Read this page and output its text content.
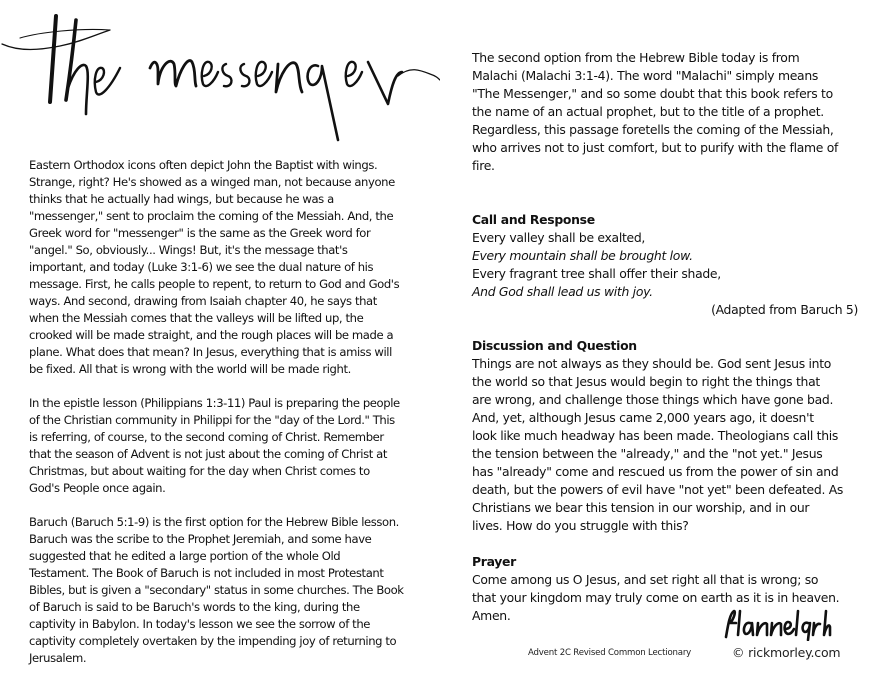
Eastern Orthodox icons often depict John the Baptist with wings.

Strange, right? He's showed as a winged man, not because anyone

thinks that he actually had wings, but because he was a

"messenger," sent to proclaim the coming of the Messiah. And, the

Greek word for "messenger" is the same as the Greek word for

"angel." So, obviously... Wings! But, it's the message that's

important, and today (Luke 3:1-6) we see the dual nature of his

message. First, he calls people to repent, to return to God and God's

ways. And second, drawing from Isaiah chapter 40, he says that

when the Messiah comes that the valleys will be lifted up, the

crooked will be made straight, and the rough places will be made a

plane. What does that mean? In Jesus, everything that is amiss will

be fixed. All that is wrong with the world will be made right.

In the epistle lesson (Philippians 1:3-11) Paul is preparing the people

of the Christian community in Philippi for the "day of the Lord." This

is referring, of course, to the second coming of Christ. Remember

that the season of Advent is not just about the coming of Christ at

Christmas, but about waiting for the day when Christ comes to

God's People once again.

Baruch (Baruch 5:1-9) is the first option for the Hebrew Bible lesson.

Baruch was the scribe to the Prophet Jeremiah, and some have

suggested that he edited a large portion of the whole Old

Testament. The Book of Baruch is not included in most Protestant

Bibles, but is given a "secondary" status in some churches. The Book

of Baruch is said to be Baruch's words to the king, during the

captivity in Babylon. In today's lesson we see the sorrow of the

captivity completely overtaken by the impending joy of returning to

Jerusalem.

The second option from the Hebrew Bible today is from

Malachi (Malachi 3:1-4). The word "Malachi" simply means

"The Messenger," and so some doubt that this book refers to

the name of an actual prophet, but to the title of a prophet.

Regardless, this passage foretells the coming of the Messiah,

who arrives not to just comfort, but to purify with the flame of

fire.

Call and Response

Every valley shall be exalted,

Every mountain shall be brought low.

Every fragrant tree shall offer their shade,

And God shall lead us with joy.

(Adapted from Baruch 5)

Discussion and Question

Things are not always as they should be. God sent Jesus into

the world so that Jesus would begin to right the things that

are wrong, and challenge those things which have gone bad.

And, yet, although Jesus came 2,000 years ago, it doesn't

look like much headway has been made. Theologians call this

the tension between the "already," and the "not yet." Jesus

has "already" come and rescued us from the power of sin and

death, but the powers of evil have "not yet" been defeated. As

Christians we bear this tension in our worship, and in our

lives. How do you struggle with this?

Prayer

Come among us O Jesus, and set right all that is wrong; so

that your kingdom may truly come on earth as it is in heaven.

Amen.

Advent 2C Revised Common Lectionary	© rickmorley.com
